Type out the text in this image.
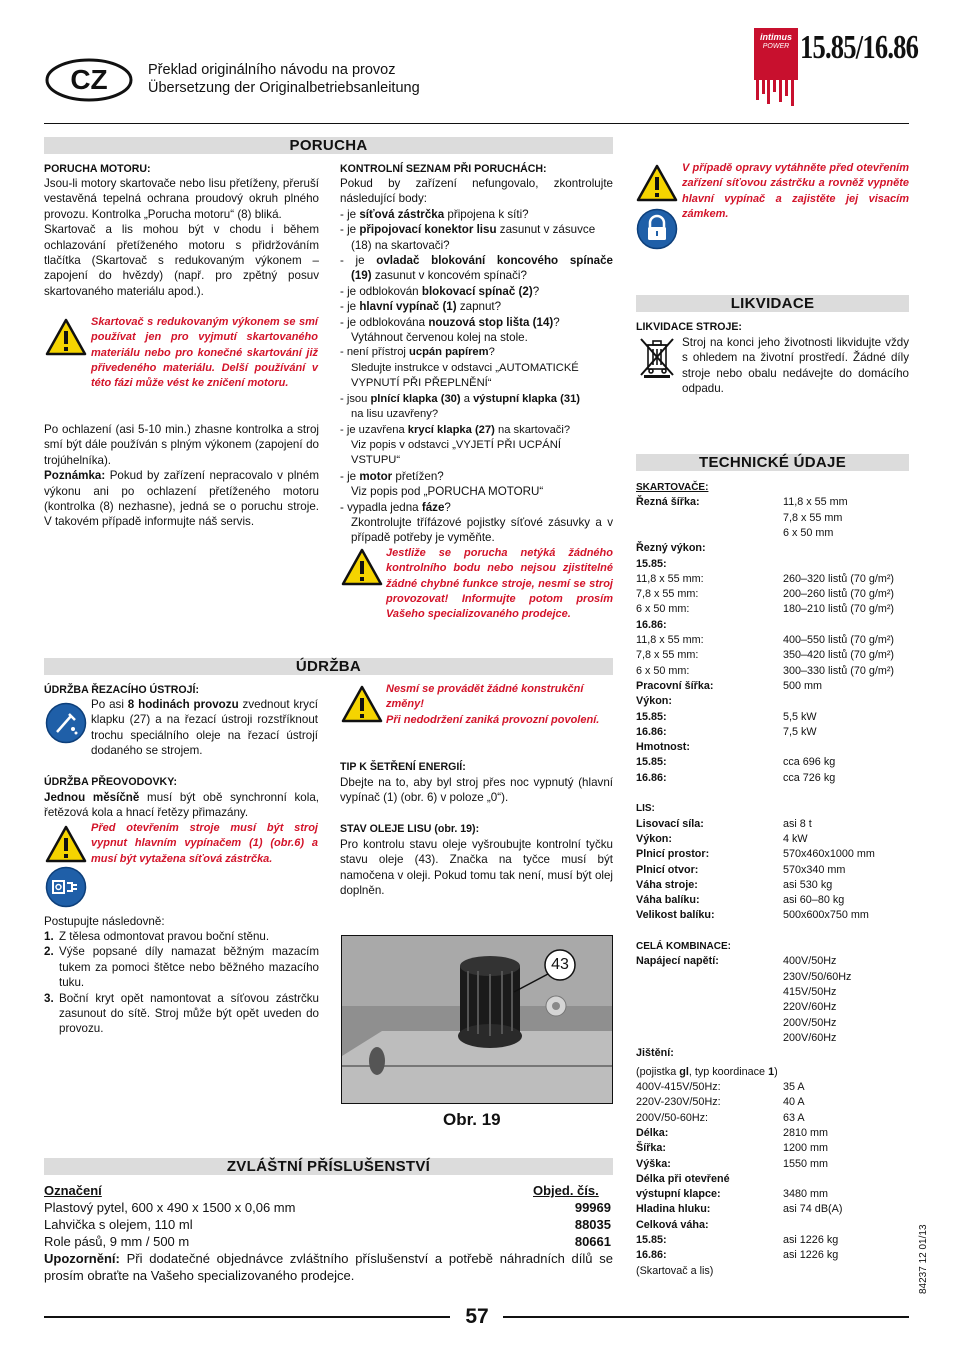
CZ	Překlad originálního návodu na provoz
Übersetzung der Originalbetriebsanleitung
intimus
POWER 15.85/16.86
PORUCHA
PORUCHA MOTORU:
Jsou-li motory skartovače nebo lisu přetíženy, přeruší vestavěná tepelná ochrana proudový okruh plného provozu. Kontrolka „Porucha motoru“ (8) bliká.
Skartovač a lis mohou být v chodu i během ochlazování přetíženého motoru s přidržováním tlačítka (Skartovač s redukovaným výkonem – zapojení do hvězdy) (např. pro zpětný posuv skartovaného materiálu apod.).
Skartovač s redukovaným výkonem se smí používat jen pro vyjmutí skartovaného materiálu nebo pro konečné skartování již přivedeného materiálu. Delší používání v této fázi může vést ke zničení motoru.
Po ochlazení (asi 5-10 min.) zhasne kontrolka a stroj smí být dále používán s plným výkonem (zapojení do trojúhelníka).
Poznámka: Pokud by zařízení nepracovalo v plném výkonu ani po ochlazení přetíženého motoru (kontrolka (8) nezhasne), jedná se o poruchu stroje. V takovém případě informujte náš servis.
KONTROLNÍ SEZNAM PŘI PORUCHÁCH:
Pokud by zařízení nefungovalo, zkontrolujte následující body:
- je síťová zástrčka připojena k síti?
- je připojovací konektor lisu zasunut v zásuvce
(18) na skartovači?
- je ovladač blokování koncového spínače
(19) zasunut v koncovém spínači?
- je odblokován blokovací spínač (2)?
- je hlavní vypínač (1) zapnut?
- je odblokována nouzová stop lišta (14)?
Vytáhnout červenou kolej na stole.
- není přístroj ucpán papírem?
Sledujte instrukce v odstavci „AUTOMATICKÉ
VYPNUTÍ PŘI PŘEPLNĚNÍ“
- jsou plnící klapka (30) a výstupní klapka (31)
na lisu uzavřeny?
- je uzavřena krycí klapka (27) na skartovači?
Viz popis v odstavci „VYJETÍ PŘI UCPÁNÍ
VSTUPU“
- je motor přetížen?
Viz popis pod „PORUCHA MOTORU“
- vypadla jedna fáze?
Zkontrolujte třífázové pojistky síťové zásuvky a v případě potřeby je vyměňte.
Jestliže se porucha netýká žádného kontrolního bodu nebo nejsou zjistitelné žádné chybné funkce stroje, nesmí se stroj provozovat! Informujte potom prosím Vašeho specializovaného prodejce.
V případě opravy vytáhněte před otevřením zařízení síťovou zástrčku a rovněž vypněte hlavní vypínač a zajistěte jej visacím zámkem.
LIKVIDACE
LIKVIDACE STROJE:
Stroj na konci jeho životnosti likvidujte vždy s ohledem na životní prostředí. Žádné díly stroje nebo obalu nedávejte do domácího odpadu.
TECHNICKÉ ÚDAJE
SKARTOVAČE:
Řezná šířka:	11,8 x 55 mm
7,8 x 55 mm
6 x 50 mm
Řezný výkon:
15.85:
11,8 x 55 mm:	260–320 listů (70 g/m²)
7,8 x 55 mm:	200–260 listů (70 g/m²)
6 x 50 mm:	180–210 listů (70 g/m²)
16.86:
11,8 x 55 mm:	400–550 listů (70 g/m²)
7,8 x 55 mm:	350–420 listů (70 g/m²)
6 x 50 mm:	300–330 listů (70 g/m²)
Pracovní šířka:	500 mm
Výkon:
15.85:	5,5 kW
16.86:	7,5 kW
Hmotnost:
15.85:	cca 696 kg
16.86:	cca 726 kg
LIS:
Lisovací síla:	asi 8 t
Výkon:	4 kW
Plnicí prostor:	570x460x1000 mm
Plnicí otvor:	570x340 mm
Váha stroje:	asi 530 kg
Váha balíku:	asi 60–80 kg
Velikost balíku:	500x600x750 mm
CELÁ KOMBINACE:
Napájecí napětí:	400V/50Hz
230V/50/60Hz
415V/50Hz
220V/60Hz
200V/50Hz
200V/60Hz
Jištění:
(pojistka gl, typ koordinace 1)
400V-415V/50Hz:	35 A
220V-230V/50Hz:	40 A
200V/50-60Hz:	63 A
Délka:	2810 mm
Šířka:	1200 mm
Výška:	1550 mm
Délka při otevřené
výstupní klapce:	3480 mm
Hladina hluku:	asi 74 dB(A)
Celková váha:
15.85:	asi 1226 kg
16.86:	asi 1226 kg
(Skartovač a lis)	84237 12 01/13
ÚDRŽBA
ÚDRŽBA ŘEZACÍHO ÚSTROJÍ:
Po asi 8 hodinách provozu zvednout krycí klapku (27) a na řezací ústroji rozstříknout trochu speciálního oleje na řezací ústrojí dodaného se strojem.
ÚDRŽBA PŘEOVODOVKY:
Jednou měsíčně musí být obě synchronní kola, řetězová kola a hnací řetězy přimazány.
Před otevřením stroje musí být stroj vypnut hlavním vypínačem (1) (obr.6) a musí být vytažena síťová zástrčka.
Postupujte následovně:
1. Z tělesa odmontovat pravou boční stěnu.
2. Výše popsané díly namazat běžným mazacím tukem za pomoci štětce nebo běžného mazacího tuku.
3. Boční kryt opět namontovat a síťovou zástrčku zasunout do sítě. Stroj může být opět uveden do provozu.
Nesmí se provádět žádné konstrukční změny!
Při nedodržení zaniká provozní povolení.
TIP K ŠETŘENÍ ENERGIÍ:
Dbejte na to, aby byl stroj přes noc vypnutý (hlavní vypínač (1) (obr. 6) v poloze „0“).
STAV OLEJE LISU (obr. 19):
Pro kontrolu stavu oleje vyšroubujte kontrolní tyčku stavu oleje (43). Značka na tyčce musí být namočena v oleji. Pokud tomu tak není, musí být olej doplněn.
43
Obr. 19
ZVLÁŠTNÍ PŘÍSLUŠENSTVÍ
Označení	Objed. čís.
Plastový pytel, 600 x 490 x 1500 x 0,06 mm	99969
Lahvička s olejem, 110 ml	88035
Role pásů, 9 mm / 500 m	80661
Upozornění: Při dodatečné objednávce zvláštního příslušenství a potřebě náhradních dílů se prosím obraťte na Vašeho specializovaného prodejce.
57
